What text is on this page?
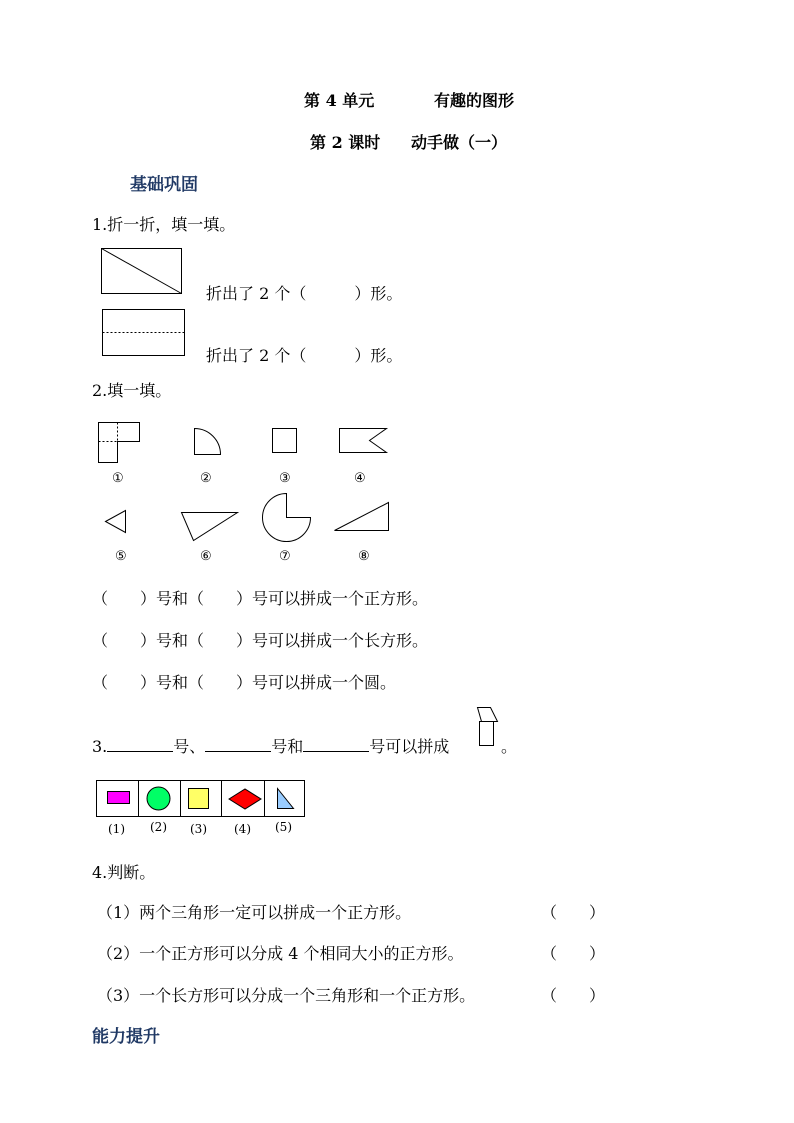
第 4 单元	有趣的图形
第 2 课时 动手做（一）
基础巩固
1.折一折，填一填。
折出了 2 个（　　　）形。
折出了 2 个（　　　）形。
2.填一填。
①	②	③	④
⑤	⑥	⑦	⑧
（　　）号和（　　）号可以拼成一个正方形。
（　　）号和（　　）号可以拼成一个长方形。
（　　）号和（　　）号可以拼成一个圆。
3.	号、	号和	号可以拼成	。
(1) (2) (3) (4) (5)
4.判断。
（1）两个三角形一定可以拼成一个正方形。	（　　）
（2）一个正方形可以分成 4 个相同大小的正方形。	（　　）
（3）一个长方形可以分成一个三角形和一个正方形。	（　　）
能力提升
